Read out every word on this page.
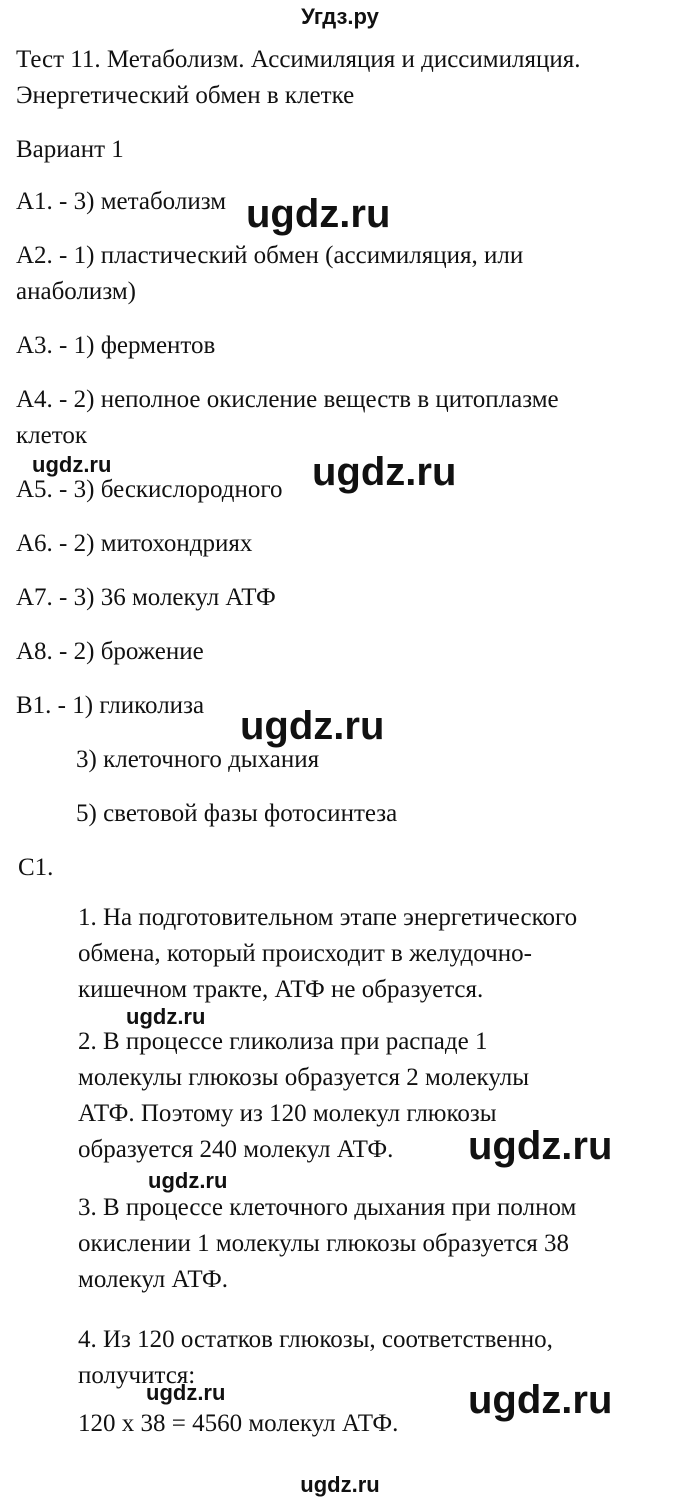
Угдз.ру
Тест 11. Метаболизм. Ассимиляция и диссимиляция.
Энергетический обмен в клетке
Вариант 1
А1. - 3) метаболизм ugdz.ru
А2. - 1) пластический обмен (ассимиляция, или
анаболизм)
А3. - 1) ферментов
А4. - 2) неполное окисление веществ в цитоплазме
клеток
ugdz.ru
А5. - 3) бескислородного ugdz.ru
А6. - 2) митохондриях
А7. - 3) 36 молекул АТФ
А8. - 2) брожение
В1. - 1) гликолиза ugdz.ru
3) клеточного дыхания
5) световой фазы фотосинтеза
С1.
1. На подготовительном этапе энергетического
обмена, который происходит в желудочно-
кишечном тракте, АТФ не образуется.
ugdz.ru
2. В процессе гликолиза при распаде 1
молекулы глюкозы образуется 2 молекулы
АТФ. Поэтому из 120 молекул глюкозы
образуется 240 молекул АТФ. ugdz.ru
ugdz.ru
3. В процессе клеточного дыхания при полном
окислении 1 молекулы глюкозы образуется 38
молекул АТФ.
4. Из 120 остатков глюкозы, соответственно,
получится:
ugdz.ru	ugdz.ru
120 х 38 = 4560 молекул АТФ.
ugdz.ru
